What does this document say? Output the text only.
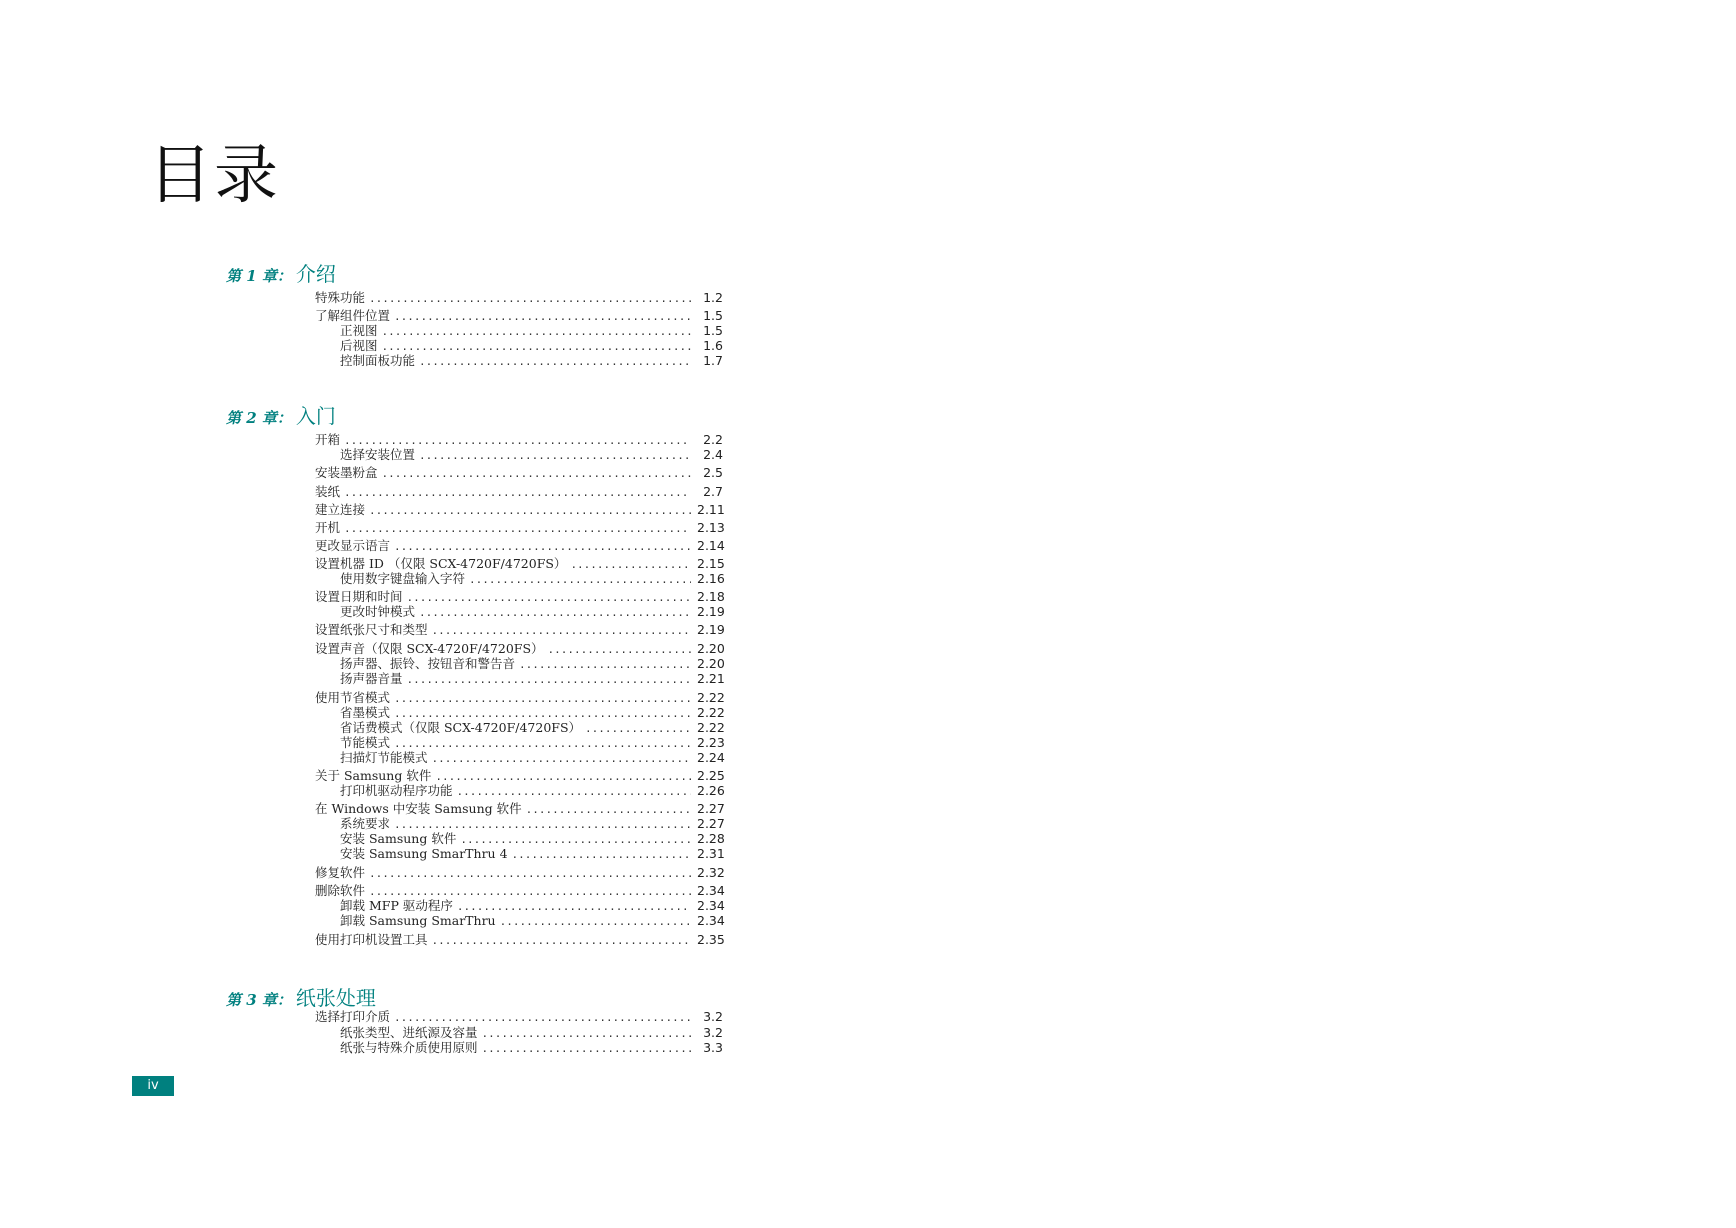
目录
第 1 章： 介绍
特殊功能 .....	1.2
了解组件位置 .....	1.5
正视图 .....	1.5
后视图 .....	1.6
控制面板功能 .....	1.7
第 2 章： 入门
开箱 .....	2.2
选择安装位置 .....	2.4
安装墨粉盒 .....	2.5
装纸 .....	2.7
建立连接 .....	2.11
开机 .....	2.13
更改显示语言 .....	2.14
设置机器 ID （仅限 SCX-4720F/4720FS） .....	2.15
使用数字键盘输入字符 .....	2.16
设置日期和时间 .....	2.18
更改时钟模式 .....	2.19
设置纸张尺寸和类型 .....	2.19
设置声音（仅限 SCX-4720F/4720FS） .....	2.20
扬声器、振铃、按钮音和警告音 .....	2.20
扬声器音量 .....	2.21
使用节省模式 .....	2.22
省墨模式 .....	2.22
省话费模式（仅限 SCX-4720F/4720FS） .....	2.22
节能模式 .....	2.23
扫描灯节能模式 .....	2.24
关于 Samsung 软件 .....	2.25
打印机驱动程序功能 .....	2.26
在 Windows 中安装 Samsung 软件 .....	2.27
系统要求 .....	2.27
安装 Samsung 软件 .....	2.28
安装 Samsung SmarThru 4 .....	2.31
修复软件 .....	2.32
删除软件 .....	2.34
卸载 MFP 驱动程序 .....	2.34
卸载 Samsung SmarThru .....	2.34
使用打印机设置工具 .....	2.35
第 3 章： 纸张处理
选择打印介质 .....	3.2
纸张类型、进纸源及容量 .....	3.2
纸张与特殊介质使用原则 .....	3.3
iv
